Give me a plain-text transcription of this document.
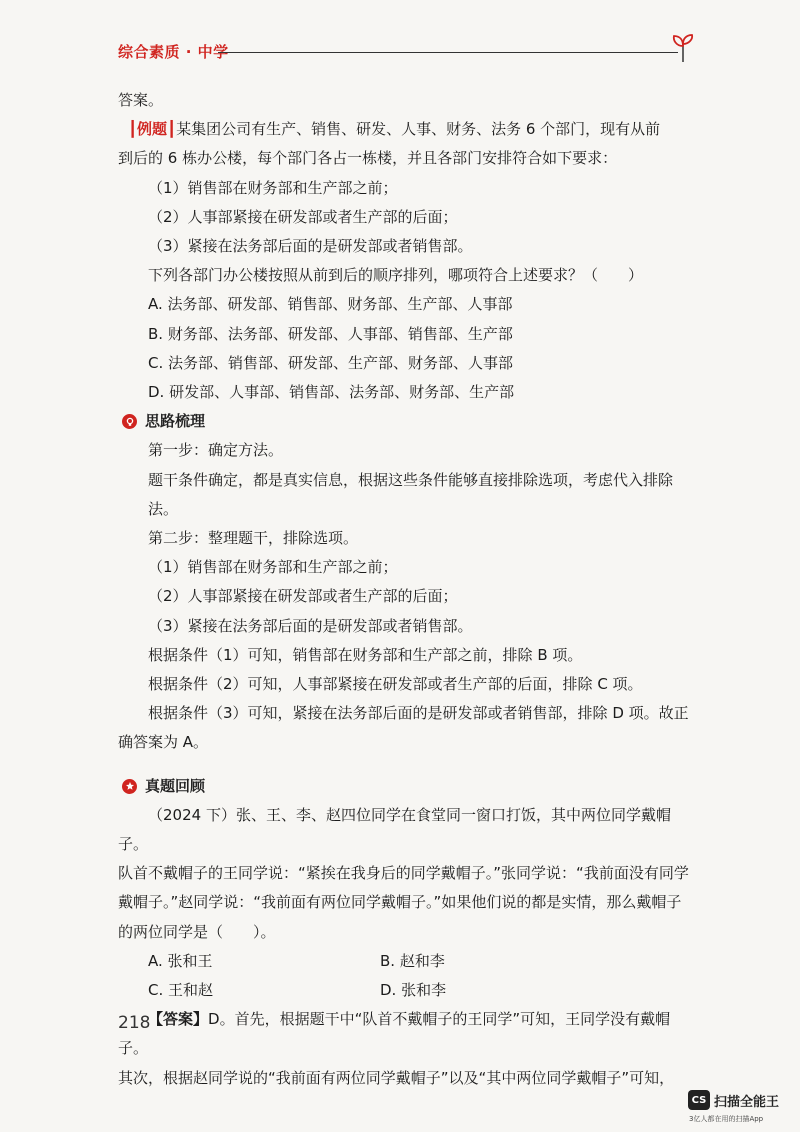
综合素质 · 中学

答案。

┃例题┃某集团公司有生产、销售、研发、人事、财务、法务 6 个部门，现有从前

到后的 6 栋办公楼，每个部门各占一栋楼，并且各部门安排符合如下要求：

（1）销售部在财务部和生产部之前；

（2）人事部紧接在研发部或者生产部的后面；

（3）紧接在法务部后面的是研发部或者销售部。

下列各部门办公楼按照从前到后的顺序排列，哪项符合上述要求？（　　）

A. 法务部、研发部、销售部、财务部、生产部、人事部

B. 财务部、法务部、研发部、人事部、销售部、生产部

C. 法务部、销售部、研发部、生产部、财务部、人事部

D. 研发部、人事部、销售部、法务部、财务部、生产部

思路梳理

第一步：确定方法。

题干条件确定，都是真实信息，根据这些条件能够直接排除选项，考虑代入排除法。

第二步：整理题干，排除选项。

（1）销售部在财务部和生产部之前；

（2）人事部紧接在研发部或者生产部的后面；

（3）紧接在法务部后面的是研发部或者销售部。

根据条件（1）可知，销售部在财务部和生产部之前，排除 B 项。

根据条件（2）可知，人事部紧接在研发部或者生产部的后面，排除 C 项。

根据条件（3）可知，紧接在法务部后面的是研发部或者销售部，排除 D 项。故正

确答案为 A。

真题回顾

（2024 下）张、王、李、赵四位同学在食堂同一窗口打饭，其中两位同学戴帽子。

队首不戴帽子的王同学说：“紧挨在我身后的同学戴帽子。”张同学说：“我前面没有同学

戴帽子。”赵同学说：“我前面有两位同学戴帽子。”如果他们说的都是实情，那么戴帽子

的两位同学是（　　）。

A. 张和王	B. 赵和李
C. 王和赵	D. 张和李

【答案】D。首先，根据题干中“队首不戴帽子的王同学”可知，王同学没有戴帽子。

其次，根据赵同学说的“我前面有两位同学戴帽子”以及“其中两位同学戴帽子”可知，

218
CS 扫描全能王
3亿人都在用的扫描App
